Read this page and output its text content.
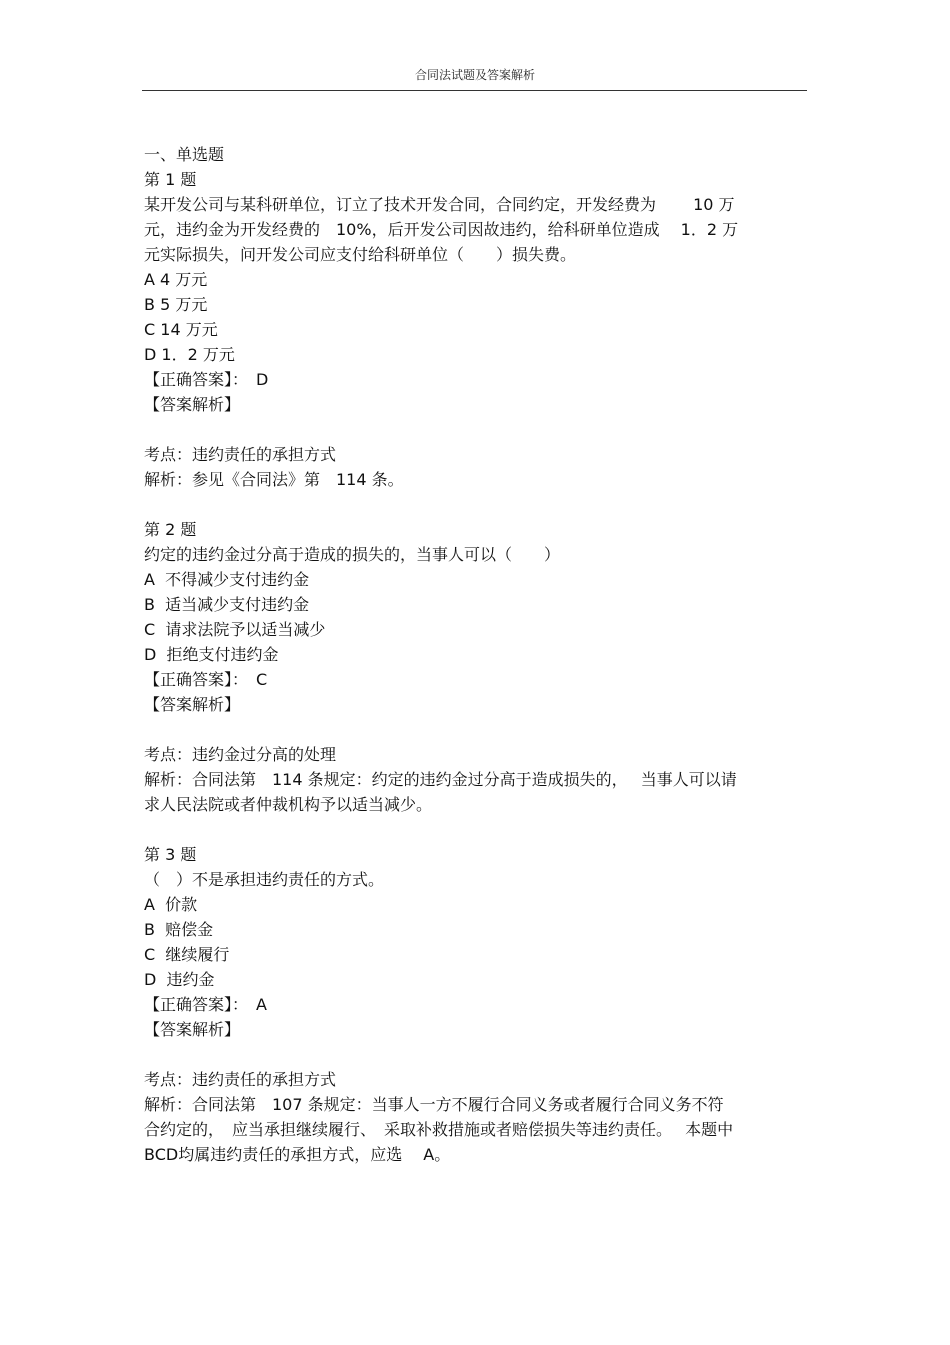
合同法试题及答案解析
一、单选题
第 1 题
某开发公司与某科研单位，订立了技术开发合同，合同约定，开发经费为　　 10 万
元，违约金为开发经费的　10%，后开发公司因故违约，给科研单位造成　 1．2 万
元实际损失，问开发公司应支付给科研单位（　　）损失费。
A 4 万元
B 5 万元
C 14 万元
D 1．2 万元
【正确答案】：　D
【答案解析】
考点：违约责任的承担方式
解析：参见《合同法》第　114 条。
第 2 题
约定的违约金过分高于造成的损失的，当事人可以（　　）
A  不得减少支付违约金
B  适当减少支付违约金
C  请求法院予以适当减少
D  拒绝支付违约金
【正确答案】：　C
【答案解析】
考点：违约金过分高的处理
解析：合同法第　114 条规定：约定的违约金过分高于造成损失的，　 当事人可以请
求人民法院或者仲裁机构予以适当减少。
第 3 题
（　）不是承担违约责任的方式。
A  价款
B  赔偿金
C  继续履行
D  违约金
【正确答案】：　A
【答案解析】
考点：违约责任的承担方式
解析：合同法第　107 条规定：当事人一方不履行合同义务或者履行合同义务不符
合约定的，　应当承担继续履行、　采取补救措施或者赔偿损失等违约责任。　 本题中
BCD均属违约责任的承担方式，应选　 A。
